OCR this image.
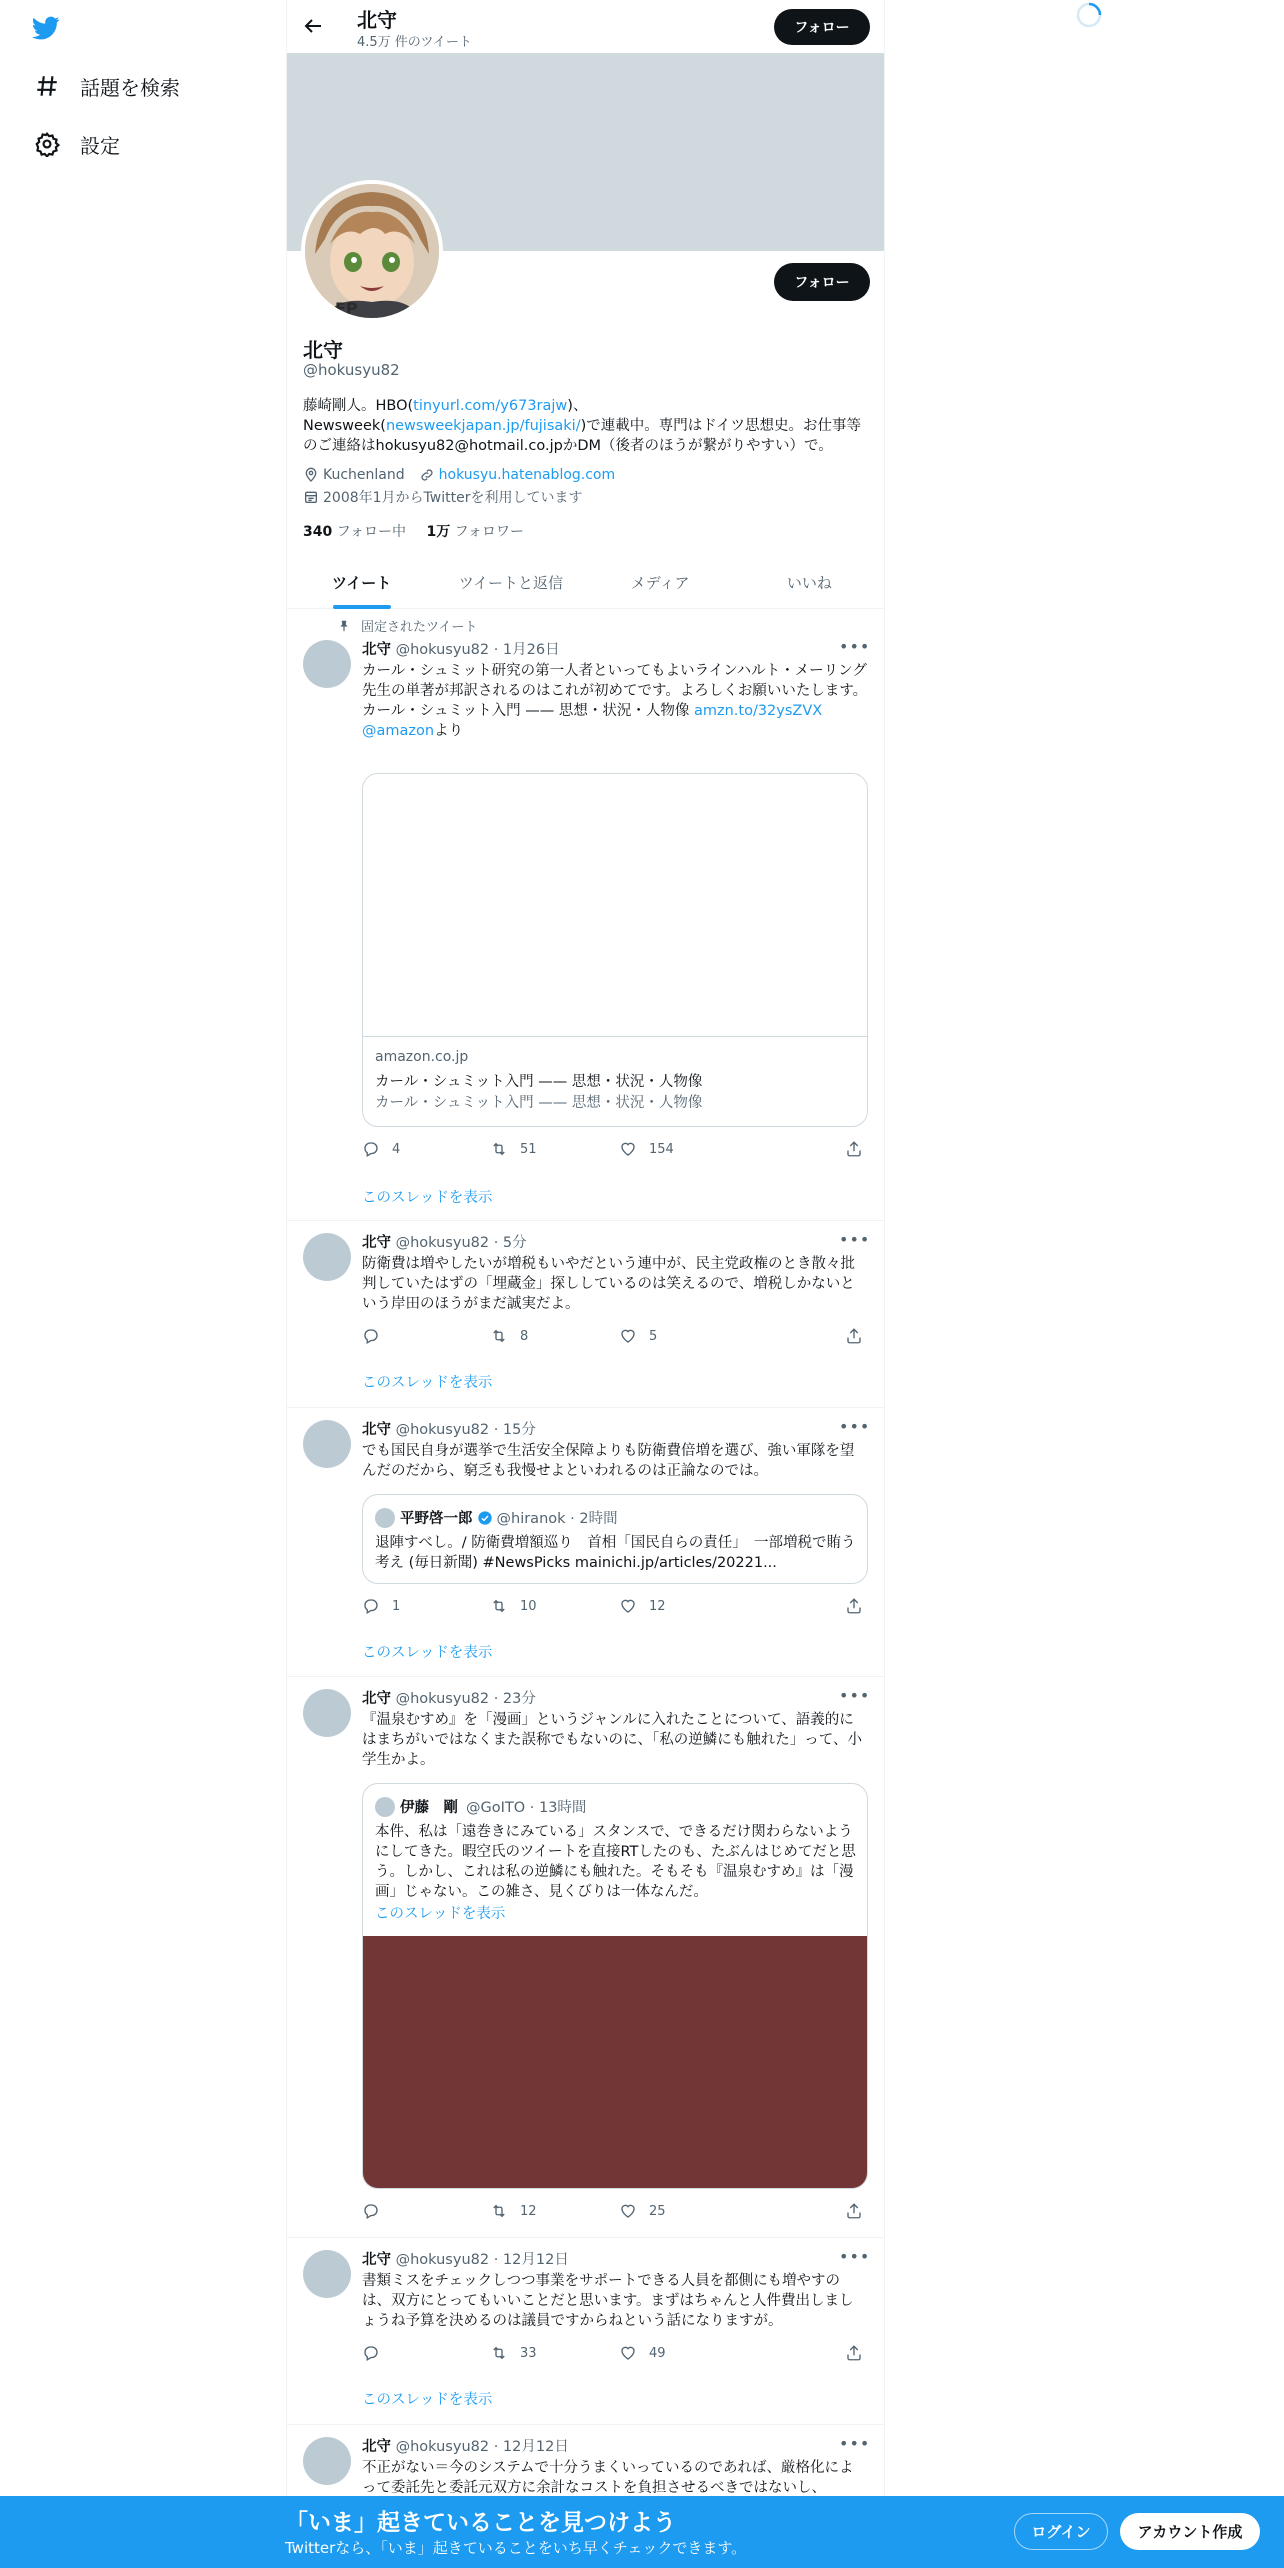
話題を検索
設定
北守
4.5万 件のツイート
フォロー
FP
フォロー
北守
@hokusyu82
藤崎剛人。HBO(tinyurl.com/y673rajw)、Newsweek(newsweekjapan.jp/fujisaki/)で連載中。専門はドイツ思想史。お仕事等のご連絡はhokusyu82@hotmail.co.jpかDM（後者のほうが繋がりやすい）で。
Kuchenland hokusyu.hatenablog.com
2008年1月からTwitterを利用しています
340 フォロー中 1万 フォロワー
ツイート	ツイートと返信	メディア	いいね
固定されたツイート
北守 @hokusyu82 · 1月26日	•••
カール・シュミット研究の第一人者といってもよいラインハルト・メーリング先生の単著が邦訳されるのはこれが初めてです。よろしくお願いいたします。
カール・シュミット入門 —— 思想・状況・人物像 amzn.to/32ysZVX
@amazonより
amazon.co.jp
カール・シュミット入門 —— 思想・状況・人物像
カール・シュミット入門 —— 思想・状況・人物像
4	51	154
このスレッドを表示
北守 @hokusyu82 · 5分	•••
防衛費は増やしたいが増税もいやだという連中が、民主党政権のとき散々批判していたはずの「埋蔵金」探ししているのは笑えるので、増税しかないという岸田のほうがまだ誠実だよ。
8	5
このスレッドを表示
北守 @hokusyu82 · 15分	•••
でも国民自身が選挙で生活安全保障よりも防衛費倍増を選び、強い軍隊を望んだのだから、窮乏も我慢せよといわれるのは正論なのでは。
平野啓一郎 @hiranok · 2時間
退陣すべし。/ 防衛費増額巡り　首相「国民自らの責任」　一部増税で賄う考え (毎日新聞) #NewsPicks mainichi.jp/articles/20221...
1	10	12
このスレッドを表示
北守 @hokusyu82 · 23分	•••
『温泉むすめ』を「漫画」というジャンルに入れたことについて、語義的にはまちがいではなくまた誤称でもないのに、「私の逆鱗にも触れた」って、小学生かよ。
伊藤　剛 @GoITO · 13時間
本件、私は「遠巻きにみている」スタンスで、できるだけ関わらないようにしてきた。暇空氏のツイートを直接RTしたのも、たぶんはじめてだと思う。しかし、これは私の逆鱗にも触れた。そもそも『温泉むすめ』は「漫画」じゃない。この雑さ、見くびりは一体なんだ。
このスレッドを表示
12	25
北守 @hokusyu82 · 12月12日	•••
書類ミスをチェックしつつ事業をサポートできる人員を都側にも増やすのは、双方にとってもいいことだと思います。まずはちゃんと人件費出しましょうね予算を決めるのは議員ですからねという話になりますが。
33	49
このスレッドを表示
北守 @hokusyu82 · 12月12日	•••
不正がない＝今のシステムで十分うまくいっているのであれば、厳格化によって委託先と委託元双方に余計なコストを負担させるべきではないし、
「いま」起きていることを見つけよう
Twitterなら、「いま」起きていることをいち早くチェックできます。
ログイン	アカウント作成
